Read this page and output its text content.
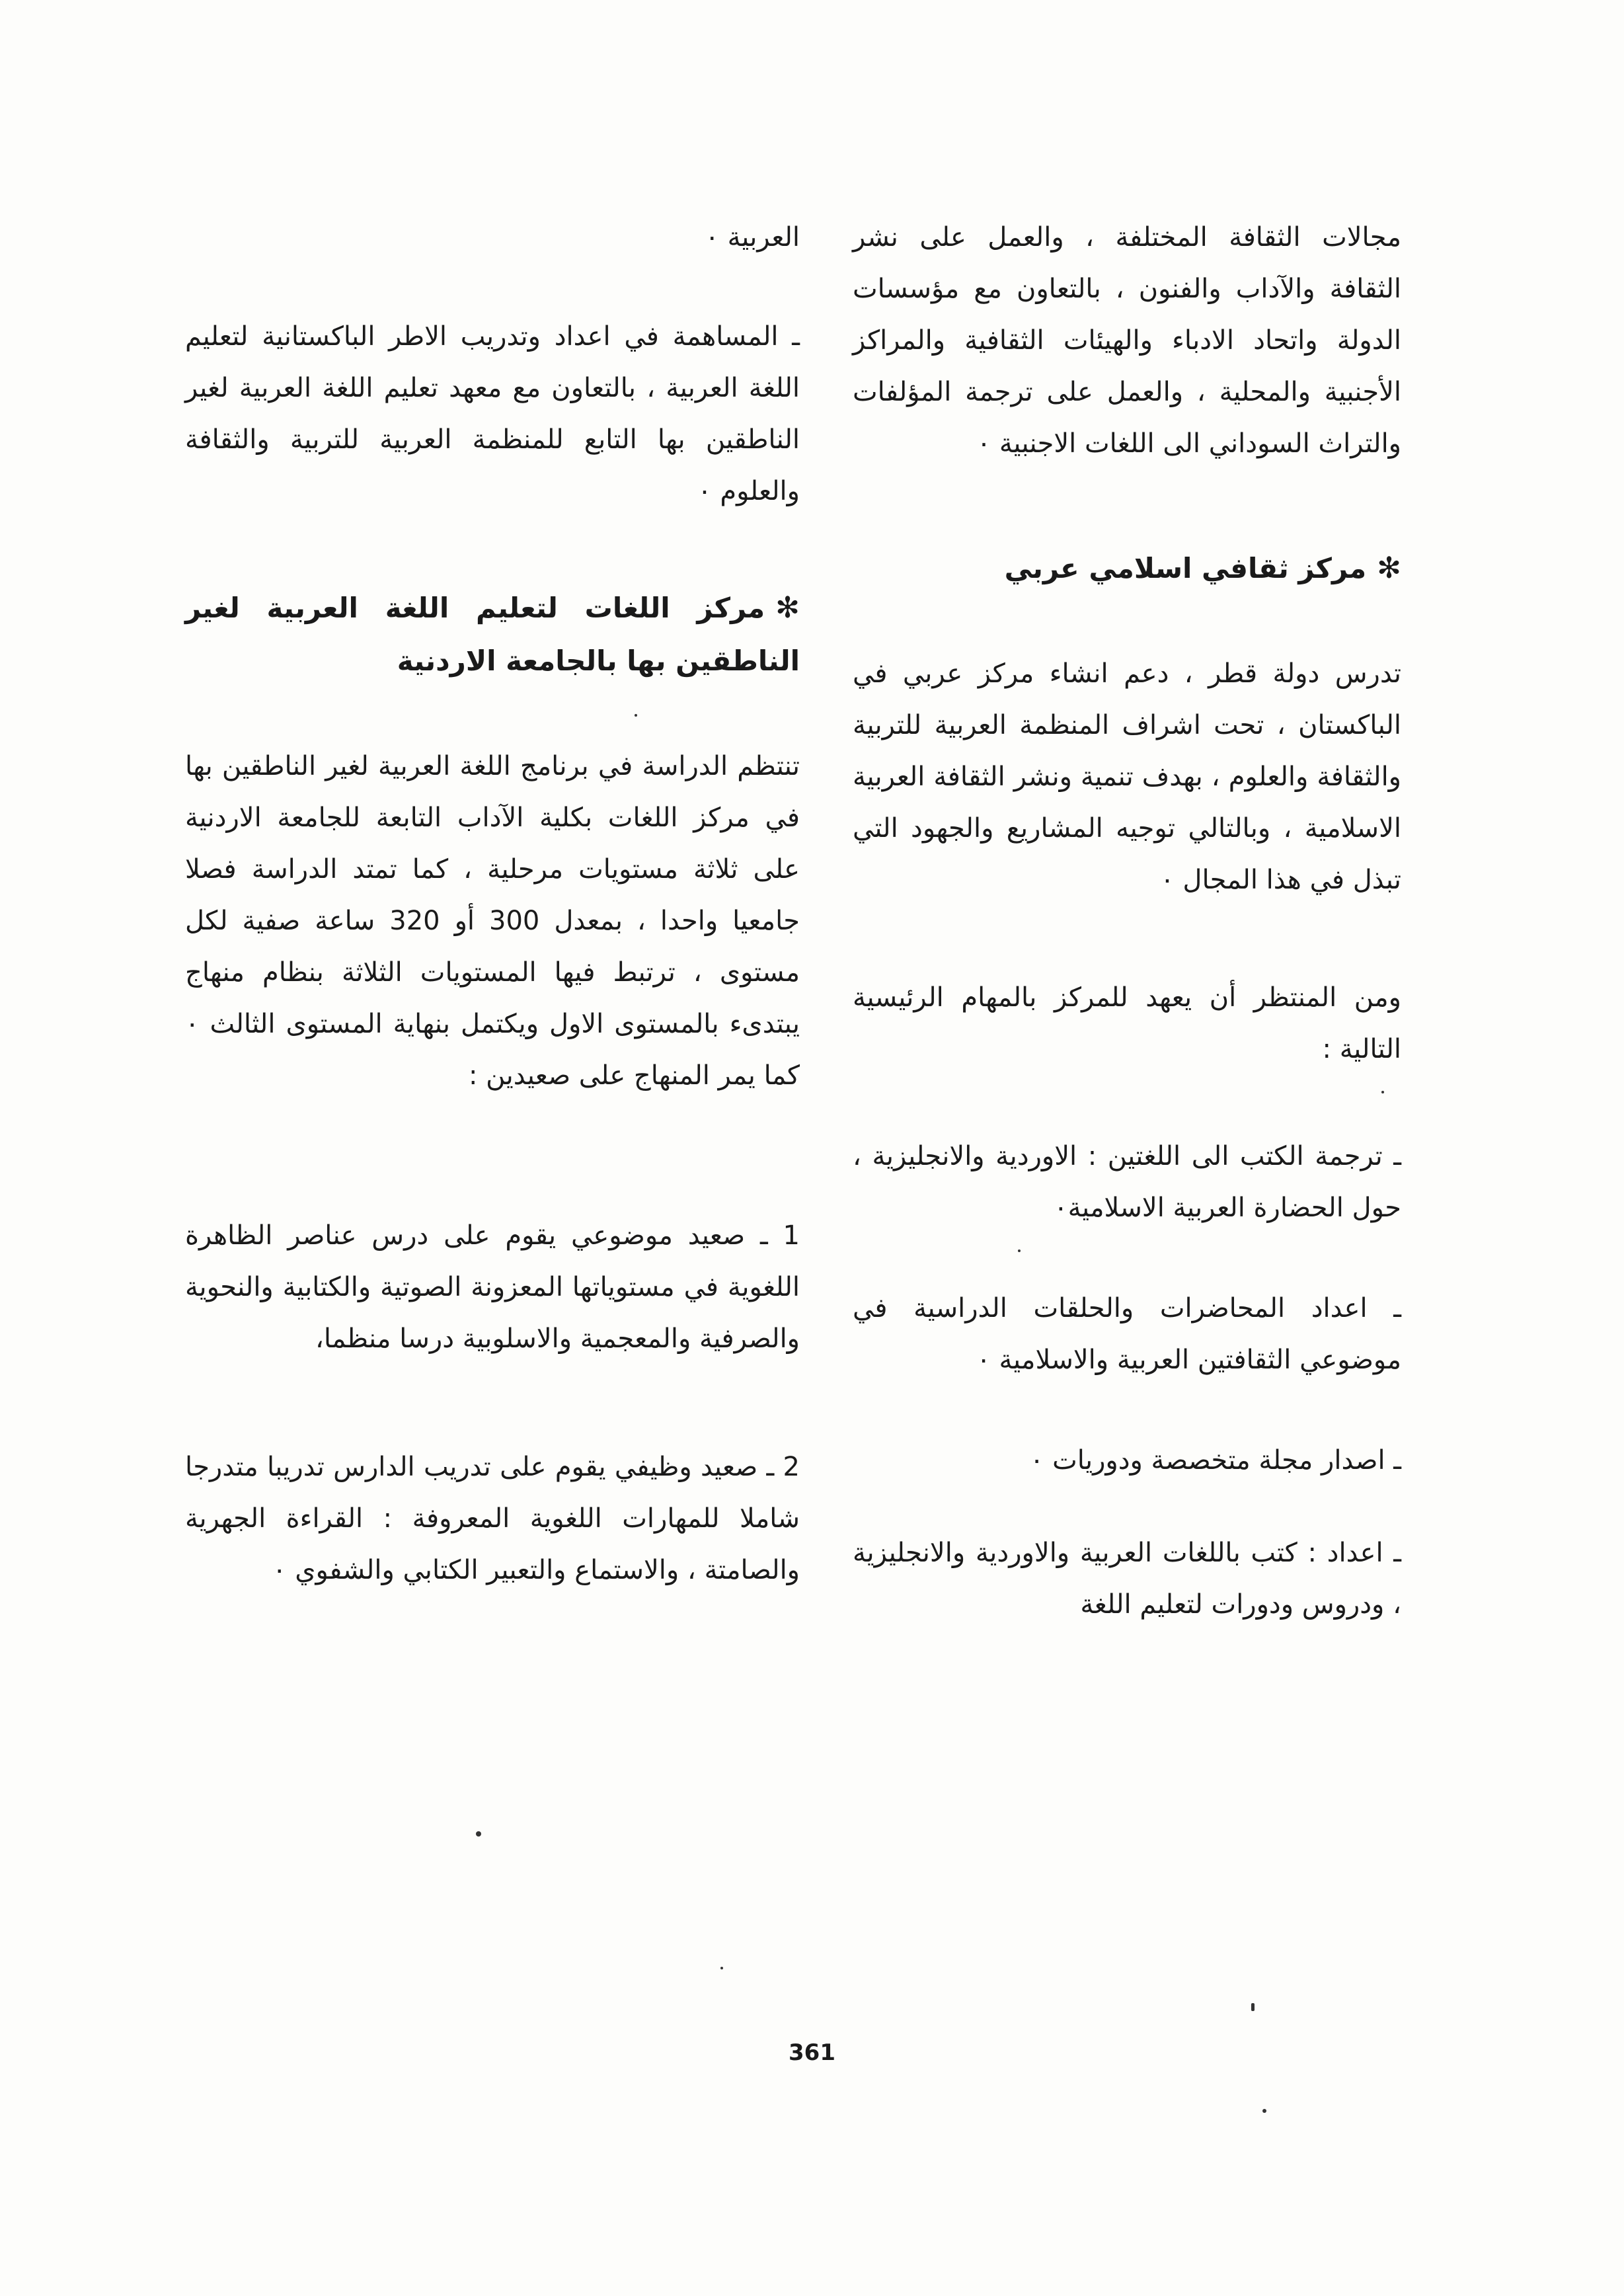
مجالات الثقافة المختلفة ، والعمل على نشر الثقافة والآداب والفنون ، بالتعاون مع مؤسسات الدولة واتحاد الادباء والهيئات الثقافية والمراكز الأجنبية والمحلية ، والعمل على ترجمة المؤلفات والتراث السوداني الى اللغات الاجنبية ٠

✻مركز ثقافي اسلامي عربي

تدرس دولة قطر ، دعم انشاء مركز عربي في الباكستان ، تحت اشراف المنظمة العربية للتربية والثقافة والعلوم ، بهدف تنمية ونشر الثقافة العربية الاسلامية ، وبالتالي توجيه المشاريع والجهود التي تبذل في هذا المجال ٠

ومن المنتظر أن يعهد للمركز بالمهام الرئيسية التالية :

ـ ترجمة الكتب الى اللغتين : الاوردية والانجليزية ، حول الحضارة العربية الاسلامية٠

ـ اعداد المحاضرات والحلقات الدراسية في موضوعي الثقافتين العربية والاسلامية ٠

ـ اصدار مجلة متخصصة ودوريات ٠

ـ اعداد : كتب باللغات العربية والاوردية والانجليزية ، ودروس ودورات لتعليم اللغة

العربية ٠

ـ المساهمة في اعداد وتدريب الاطر الباكستانية لتعليم اللغة العربية ، بالتعاون مع معهد تعليم اللغة العربية لغير الناطقين بها التابع للمنظمة العربية للتربية والثقافة والعلوم ٠

✻مركز اللغات لتعليم اللغة العربية لغير الناطقين بها بالجامعة الاردنية

تنتظم الدراسة في برنامج اللغة العربية لغير الناطقين بها في مركز اللغات بكلية الآداب التابعة للجامعة الاردنية على ثلاثة مستويات مرحلية ، كما تمتد الدراسة فصلا جامعيا واحدا ، بمعدل 300 أو 320 ساعة صفية لكل مستوى ، ترتبط فيها المستويات الثلاثة بنظام منهاج يبتدىء بالمستوى الاول ويكتمل بنهاية المستوى الثالث ٠ كما يمر المنهاج على صعيدين :

1 ـ صعيد موضوعي يقوم على درس عناصر الظاهرة اللغوية في مستوياتها المعزونة الصوتية والكتابية والنحوية والصرفية والمعجمية والاسلوبية درسا منظما،

2 ـ صعيد وظيفي يقوم على تدريب الدارس تدريبا متدرجا شاملا للمهارات اللغوية المعروفة : القراءة الجهرية والصامتة ، والاستماع والتعبير الكتابي والشفوي ٠

361
